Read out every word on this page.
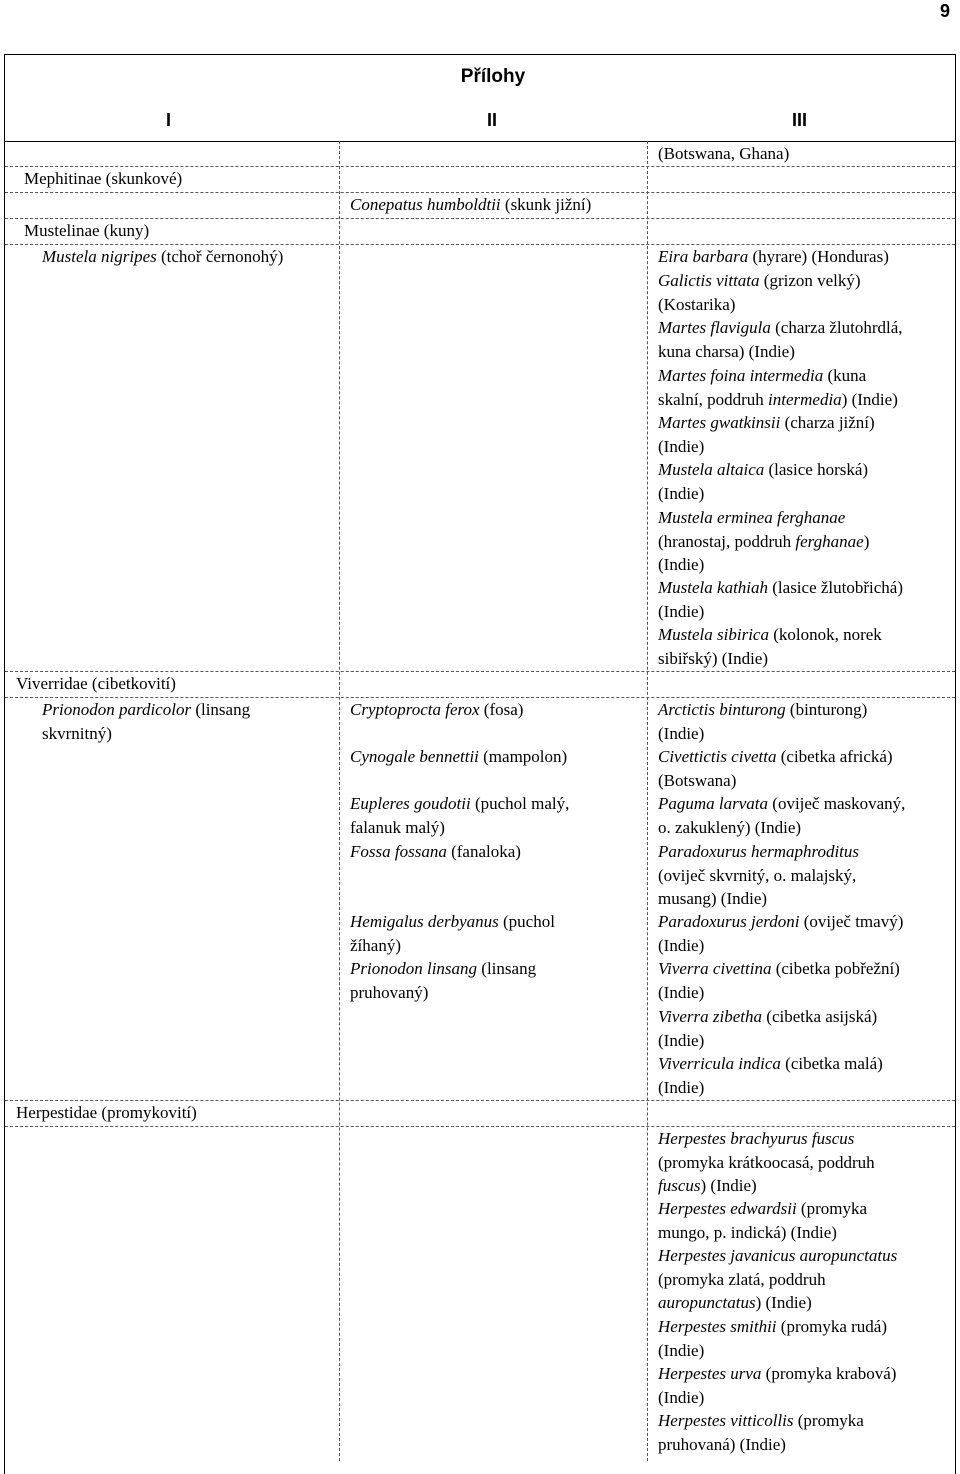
9
Přílohy
I	II	III
Mephitinae (skunkové)
Mustelinae (kuny)
Mustela nigripes (tchoř černonohý)
Viverridae (cibetkovití)
Prionodon pardicolor (linsang
skvrnitný)
Herpestidae (promykovití)
Conepatus humboldtii (skunk jižní)
Cryptoprocta ferox (fosa)
Cynogale bennettii (mampolon)
Eupleres goudotii (puchol malý,
falanuk malý)
Fossa fossana (fanaloka)
Hemigalus derbyanus (puchol
žíhaný)
Prionodon linsang (linsang
pruhovaný)
(Botswana, Ghana)
Eira barbara (hyrare) (Honduras)
Galictis vittata (grizon velký)
(Kostarika)
Martes flavigula (charza žlutohrdlá,
kuna charsa) (Indie)
Martes foina intermedia (kuna
skalní, poddruh intermedia) (Indie)
Martes gwatkinsii (charza jižní)
(Indie)
Mustela altaica (lasice horská)
(Indie)
Mustela erminea ferghanae
(hranostaj, poddruh ferghanae)
(Indie)
Mustela kathiah (lasice žlutobřichá)
(Indie)
Mustela sibirica (kolonok, norek
sibiřský) (Indie)
Arctictis binturong (binturong)
(Indie)
Civettictis civetta (cibetka africká)
(Botswana)
Paguma larvata (oviječ maskovaný,
o. zakuklený) (Indie)
Paradoxurus hermaphroditus
(oviječ skvrnitý, o. malajský,
musang) (Indie)
Paradoxurus jerdoni (oviječ tmavý)
(Indie)
Viverra civettina (cibetka pobřežní)
(Indie)
Viverra zibetha (cibetka asijská)
(Indie)
Viverricula indica (cibetka malá)
(Indie)
Herpestes brachyurus fuscus
(promyka krátkoocasá, poddruh
fuscus) (Indie)
Herpestes edwardsii (promyka
mungo, p. indická) (Indie)
Herpestes javanicus auropunctatus
(promyka zlatá, poddruh
auropunctatus) (Indie)
Herpestes smithii (promyka rudá)
(Indie)
Herpestes urva (promyka krabová)
(Indie)
Herpestes vitticollis (promyka
pruhovaná) (Indie)
